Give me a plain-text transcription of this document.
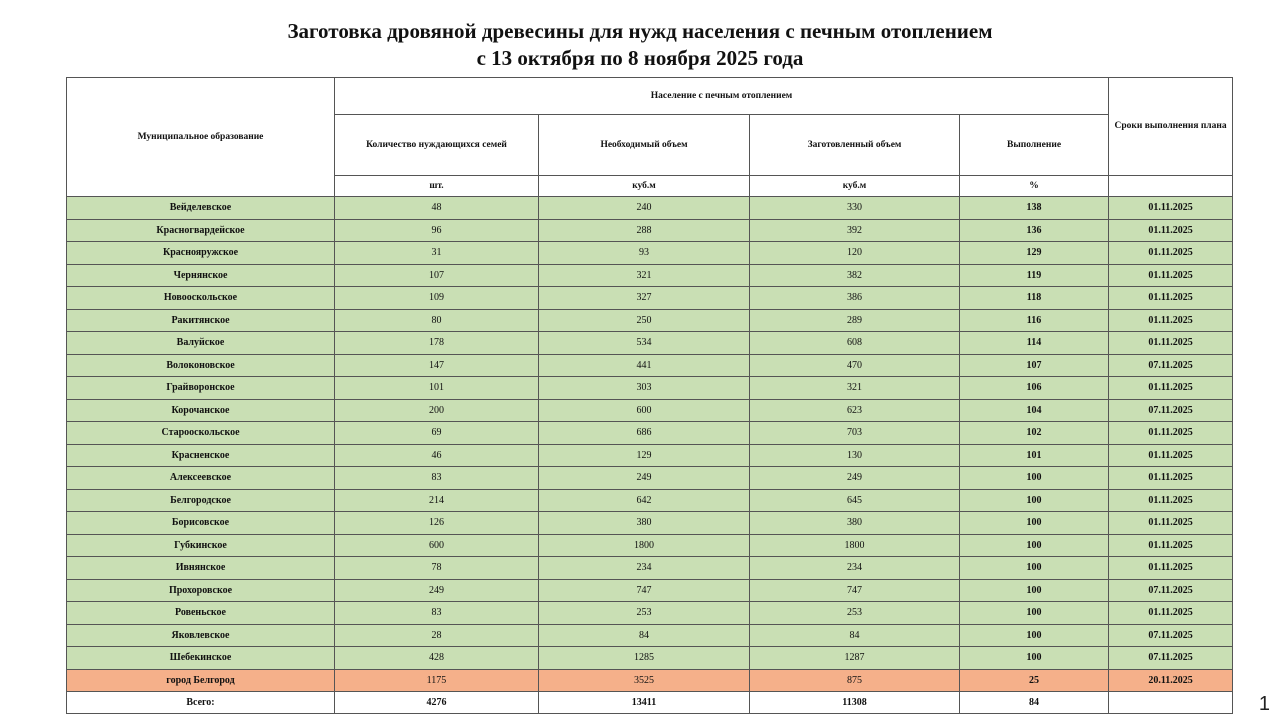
Заготовка дровяной древесины для нужд населения с печным отоплением
с 13 октября по 8 ноября 2025 года
Муниципальное образование	Население с печным отоплением				Сроки выполнения плана
	Количество нуждающихся семей	Необходимый объем	Заготовленный объем	Выполнение	
	шт.	куб.м	куб.м	%	
Вейделевское	48	240	330	138	01.11.2025
Красногвардейское	96	288	392	136	01.11.2025
Краснояружское	31	93	120	129	01.11.2025
Чернянское	107	321	382	119	01.11.2025
Новооскольское	109	327	386	118	01.11.2025
Ракитянское	80	250	289	116	01.11.2025
Валуйское	178	534	608	114	01.11.2025
Волоконовское	147	441	470	107	07.11.2025
Грайворонское	101	303	321	106	01.11.2025
Корочанское	200	600	623	104	07.11.2025
Старооскольское	69	686	703	102	01.11.2025
Красненское	46	129	130	101	01.11.2025
Алексеевское	83	249	249	100	01.11.2025
Белгородское	214	642	645	100	01.11.2025
Борисовское	126	380	380	100	01.11.2025
Губкинское	600	1800	1800	100	01.11.2025
Ивнянское	78	234	234	100	01.11.2025
Прохоровское	249	747	747	100	07.11.2025
Ровеньское	83	253	253	100	01.11.2025
Яковлевское	28	84	84	100	07.11.2025
Шебекинское	428	1285	1287	100	07.11.2025
город Белгород	1175	3525	875	25	20.11.2025
Всего:	4276	13411	11308	84		1
